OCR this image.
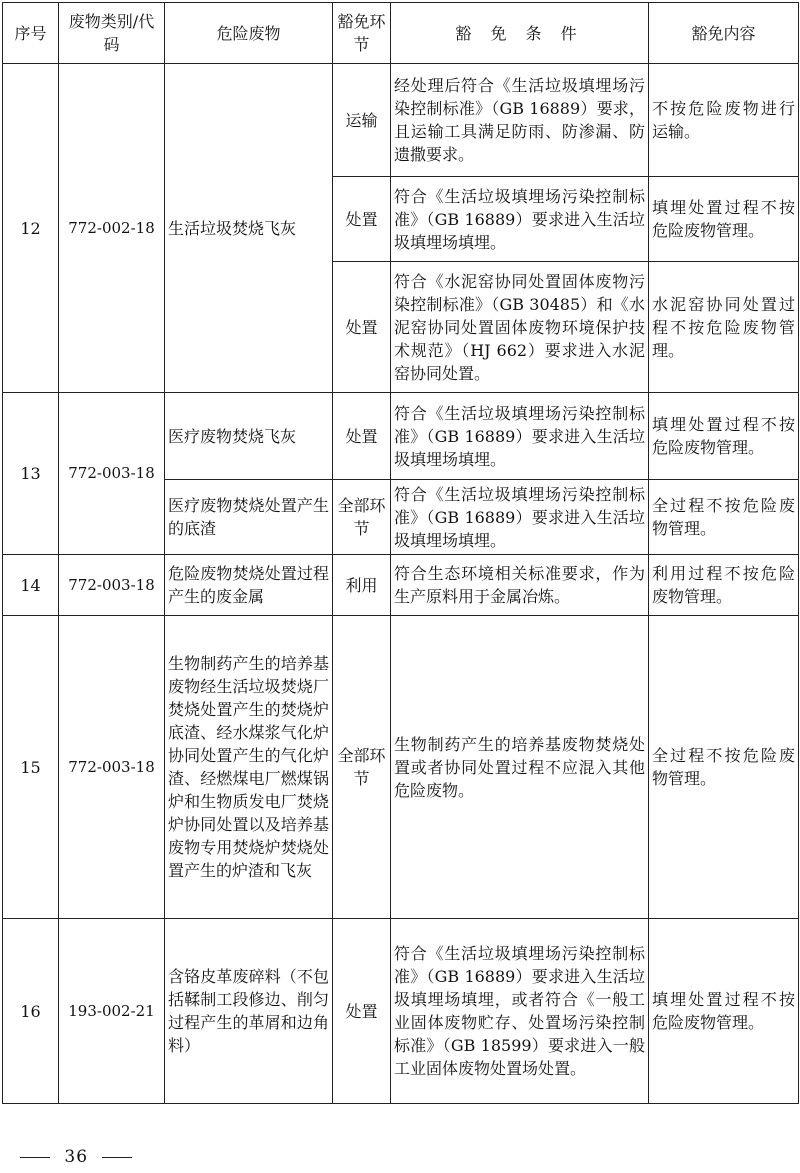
序号	废物类别/代码	危险废物	豁免环节	豁 免 条 件	豁免内容
12	772-002-18	生活垃圾焚烧飞灰	运输	经处理后符合《生活垃圾填埋场污染控制标准》（GB 16889）要求，且运输工具满足防雨、防渗漏、防遗撒要求。	不按危险废物进行运输。
			处置	符合《生活垃圾填埋场污染控制标准》（GB 16889）要求进入生活垃圾填埋场填埋。	填埋处置过程不按危险废物管理。
			处置	符合《水泥窑协同处置固体废物污染控制标准》（GB 30485）和《水泥窑协同处置固体废物环境保护技术规范》（HJ 662）要求进入水泥窑协同处置。	水泥窑协同处置过程不按危险废物管理。
13	772-003-18	医疗废物焚烧飞灰	处置	符合《生活垃圾填埋场污染控制标准》（GB 16889）要求进入生活垃圾填埋场填埋。	填埋处置过程不按危险废物管理。
		医疗废物焚烧处置产生的底渣	全部环节	符合《生活垃圾填埋场污染控制标准》（GB 16889）要求进入生活垃圾填埋场填埋。	全过程不按危险废物管理。
14	772-003-18	危险废物焚烧处置过程产生的废金属	利用	符合生态环境相关标准要求，作为生产原料用于金属冶炼。	利用过程不按危险废物管理。
15	772-003-18	生物制药产生的培养基废物经生活垃圾焚烧厂焚烧处置产生的焚烧炉底渣、经水煤浆气化炉协同处置产生的气化炉渣、经燃煤电厂燃煤锅炉和生物质发电厂焚烧炉协同处置以及培养基废物专用焚烧炉焚烧处置产生的炉渣和飞灰	全部环节	生物制药产生的培养基废物焚烧处置或者协同处置过程不应混入其他危险废物。	全过程不按危险废物管理。
16	193-002-21	含铬皮革废碎料（不包括鞣制工段修边、削匀过程产生的革屑和边角料）	处置	符合《生活垃圾填埋场污染控制标准》（GB 16889）要求进入生活垃圾填埋场填埋，或者符合《一般工业固体废物贮存、处置场污染控制标准》（GB 18599）要求进入一般工业固体废物处置场处置。	填埋处置过程不按危险废物管理。
36
